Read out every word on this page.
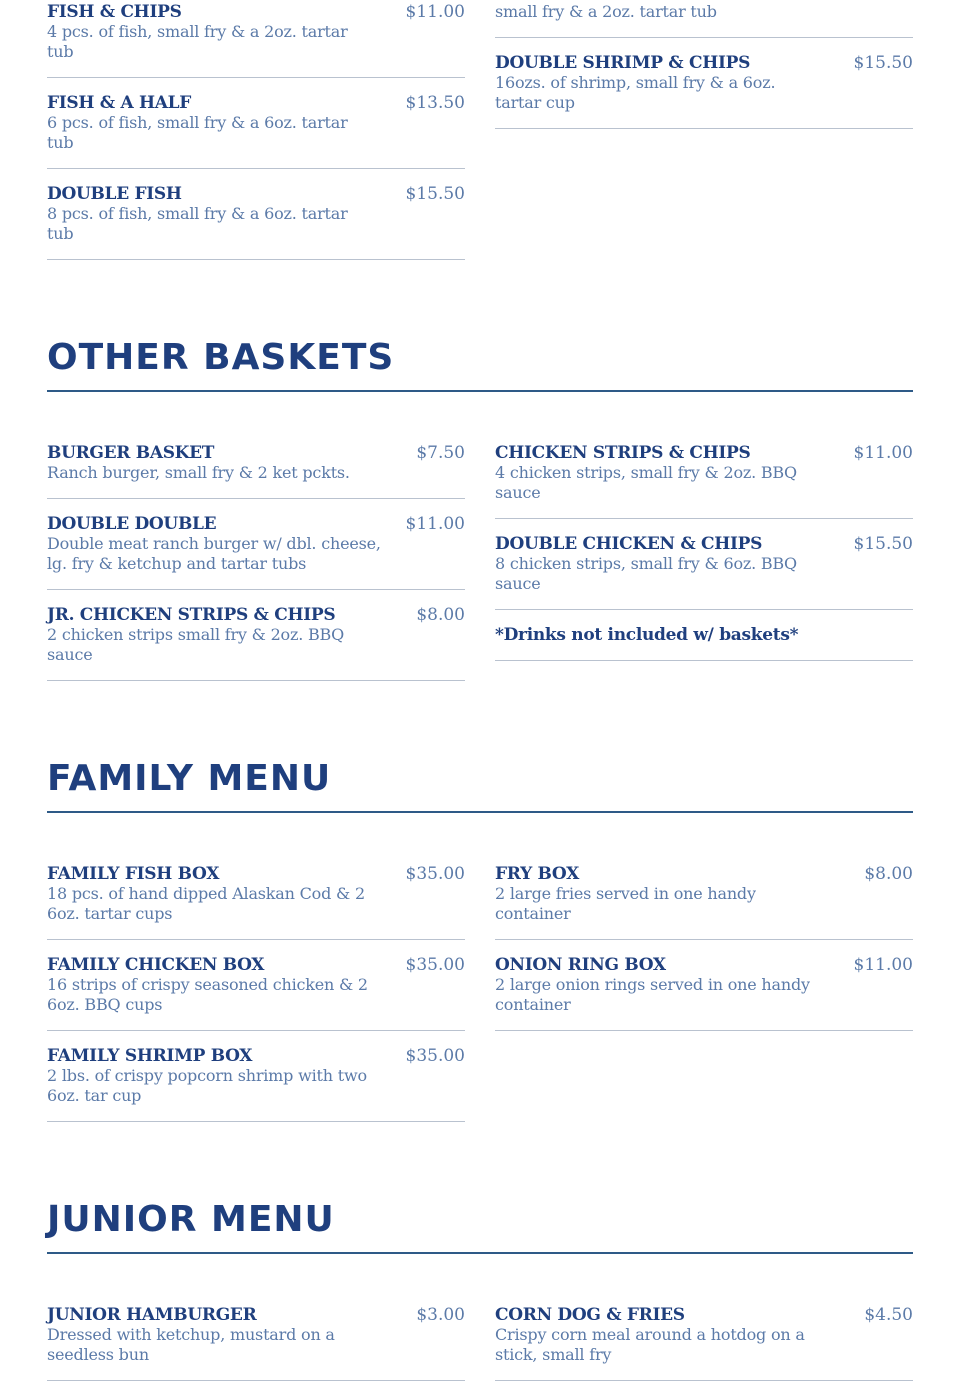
FISH & CHIPS	$11.00
4 pcs. of fish, small fry & a 2oz. tartar tub
FISH & A HALF	$13.50
6 pcs. of fish, small fry & a 6oz. tartar tub
DOUBLE FISH	$15.50
8 pcs. of fish, small fry & a 6oz. tartar tub
small fry & a 2oz. tartar tub
DOUBLE SHRIMP & CHIPS	$15.50
16ozs. of shrimp, small fry & a 6oz. tartar cup
OTHER BASKETS
BURGER BASKET	$7.50
Ranch burger, small fry & 2 ket pckts.
DOUBLE DOUBLE	$11.00
Double meat ranch burger w/ dbl. cheese, lg. fry & ketchup and tartar tubs
JR. CHICKEN STRIPS & CHIPS	$8.00
2 chicken strips small fry & 2oz. BBQ sauce
CHICKEN STRIPS & CHIPS	$11.00
4 chicken strips, small fry & 2oz. BBQ sauce
DOUBLE CHICKEN & CHIPS	$15.50
8 chicken strips, small fry & 6oz. BBQ sauce
*Drinks not included w/ baskets*
FAMILY MENU
FAMILY FISH BOX	$35.00
18 pcs. of hand dipped Alaskan Cod & 2 6oz. tartar cups
FAMILY CHICKEN BOX	$35.00
16 strips of crispy seasoned chicken & 2 6oz. BBQ cups
FAMILY SHRIMP BOX	$35.00
2 lbs. of crispy popcorn shrimp with two 6oz. tar cup
FRY BOX	$8.00
2 large fries served in one handy container
ONION RING BOX	$11.00
2 large onion rings served in one handy container
JUNIOR MENU
JUNIOR HAMBURGER	$3.00
Dressed with ketchup, mustard on a seedless bun
CORN DOG & FRIES	$4.50
Crispy corn meal around a hotdog on a stick, small fry
